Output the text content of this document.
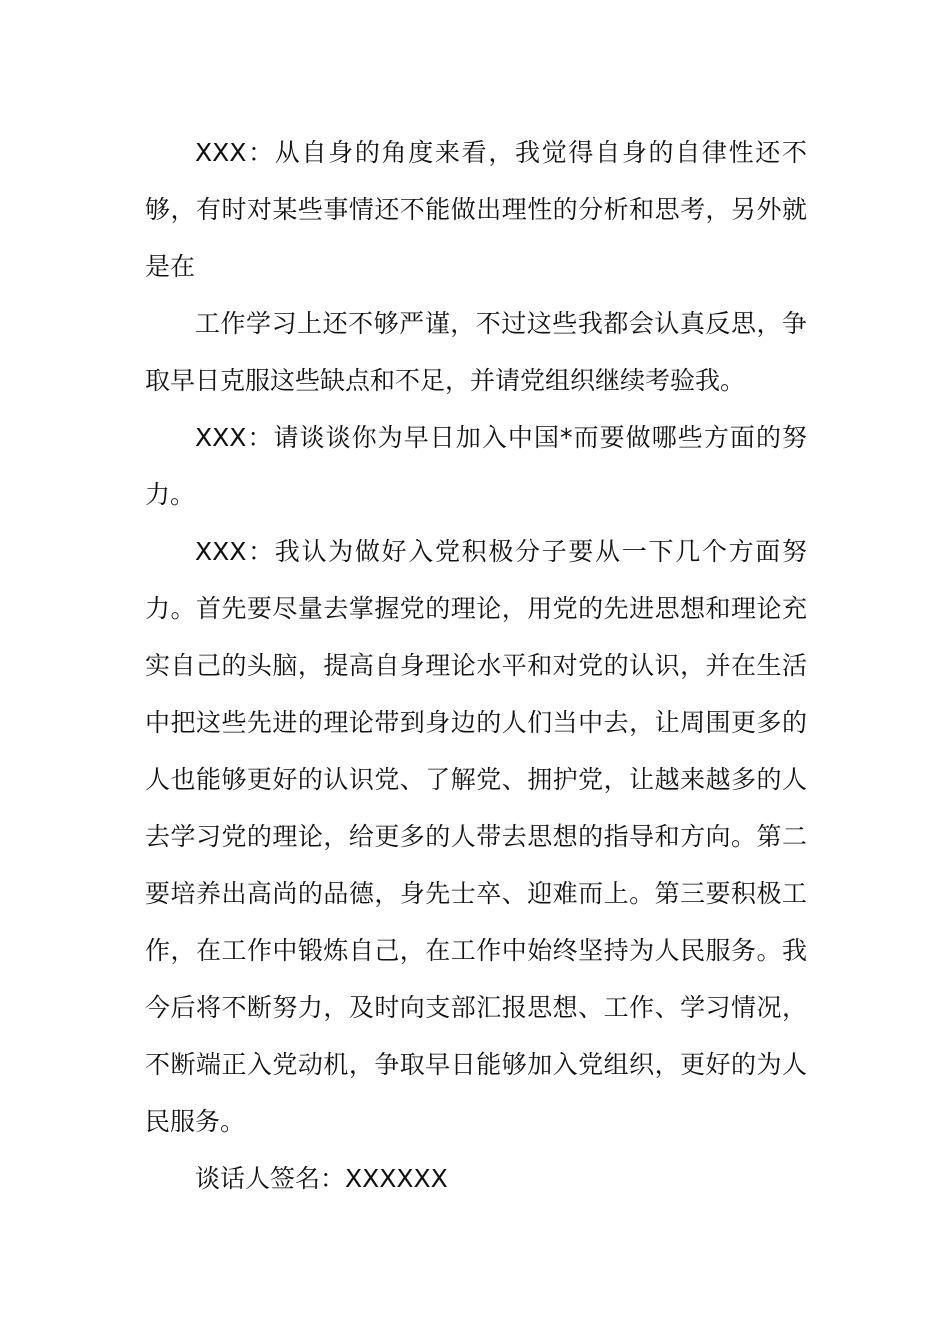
XXX：从自身的角度来看，我觉得自身的自律性还不够，有时对某些事情还不能做出理性的分析和思考，另外就是在

工作学习上还不够严谨，不过这些我都会认真反思，争取早日克服这些缺点和不足，并请党组织继续考验我。

XXX：请谈谈你为早日加入中国*而要做哪些方面的努力。

XXX：我认为做好入党积极分子要从一下几个方面努力。首先要尽量去掌握党的理论，用党的先进思想和理论充实自己的头脑，提高自身理论水平和对党的认识，并在生活中把这些先进的理论带到身边的人们当中去，让周围更多的人也能够更好的认识党、了解党、拥护党，让越来越多的人去学习党的理论，给更多的人带去思想的指导和方向。第二要培养出高尚的品德，身先士卒、迎难而上。第三要积极工作，在工作中锻炼自己，在工作中始终坚持为人民服务。我今后将不断努力，及时向支部汇报思想、工作、学习情况，不断端正入党动机，争取早日能够加入党组织，更好的为人民服务。

谈话人签名：XXXXXX
